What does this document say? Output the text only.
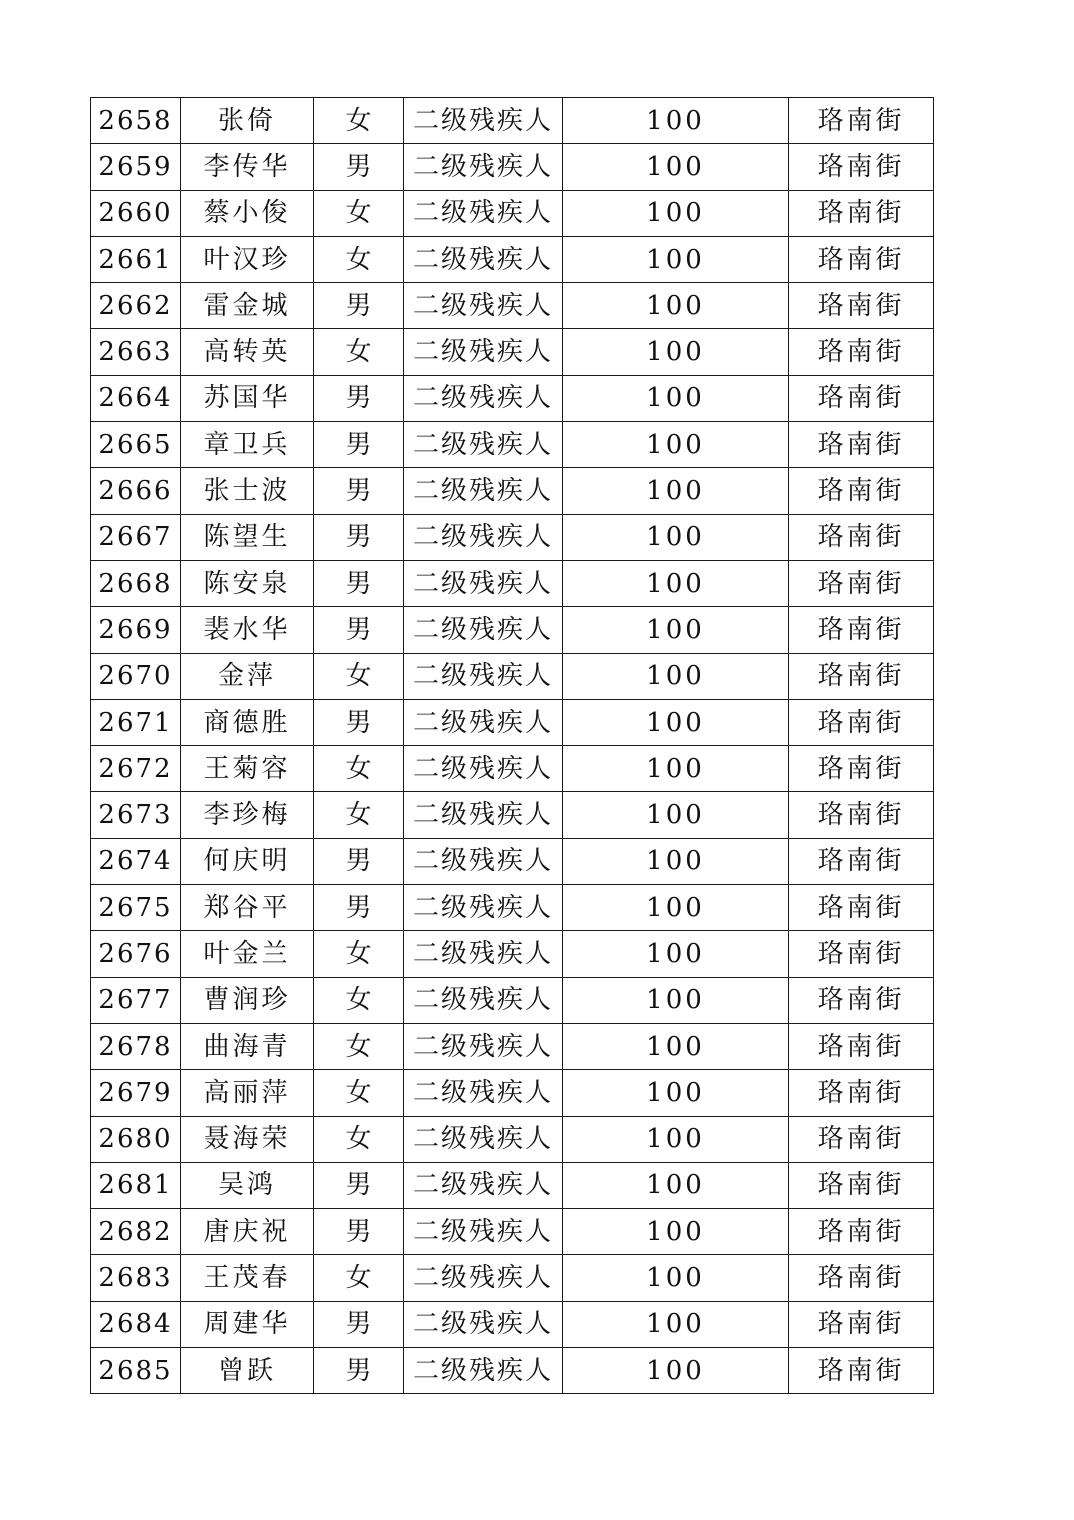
2658	张倚	女	二级残疾人	100	珞南街
2659	李传华	男	二级残疾人	100	珞南街
2660	蔡小俊	女	二级残疾人	100	珞南街
2661	叶汉珍	女	二级残疾人	100	珞南街
2662	雷金城	男	二级残疾人	100	珞南街
2663	高转英	女	二级残疾人	100	珞南街
2664	苏国华	男	二级残疾人	100	珞南街
2665	章卫兵	男	二级残疾人	100	珞南街
2666	张士波	男	二级残疾人	100	珞南街
2667	陈望生	男	二级残疾人	100	珞南街
2668	陈安泉	男	二级残疾人	100	珞南街
2669	裴水华	男	二级残疾人	100	珞南街
2670	金萍	女	二级残疾人	100	珞南街
2671	商德胜	男	二级残疾人	100	珞南街
2672	王菊容	女	二级残疾人	100	珞南街
2673	李珍梅	女	二级残疾人	100	珞南街
2674	何庆明	男	二级残疾人	100	珞南街
2675	郑谷平	男	二级残疾人	100	珞南街
2676	叶金兰	女	二级残疾人	100	珞南街
2677	曹润珍	女	二级残疾人	100	珞南街
2678	曲海青	女	二级残疾人	100	珞南街
2679	高丽萍	女	二级残疾人	100	珞南街
2680	聂海荣	女	二级残疾人	100	珞南街
2681	吴鸿	男	二级残疾人	100	珞南街
2682	唐庆祝	男	二级残疾人	100	珞南街
2683	王茂春	女	二级残疾人	100	珞南街
2684	周建华	男	二级残疾人	100	珞南街
2685	曾跃	男	二级残疾人	100	珞南街
